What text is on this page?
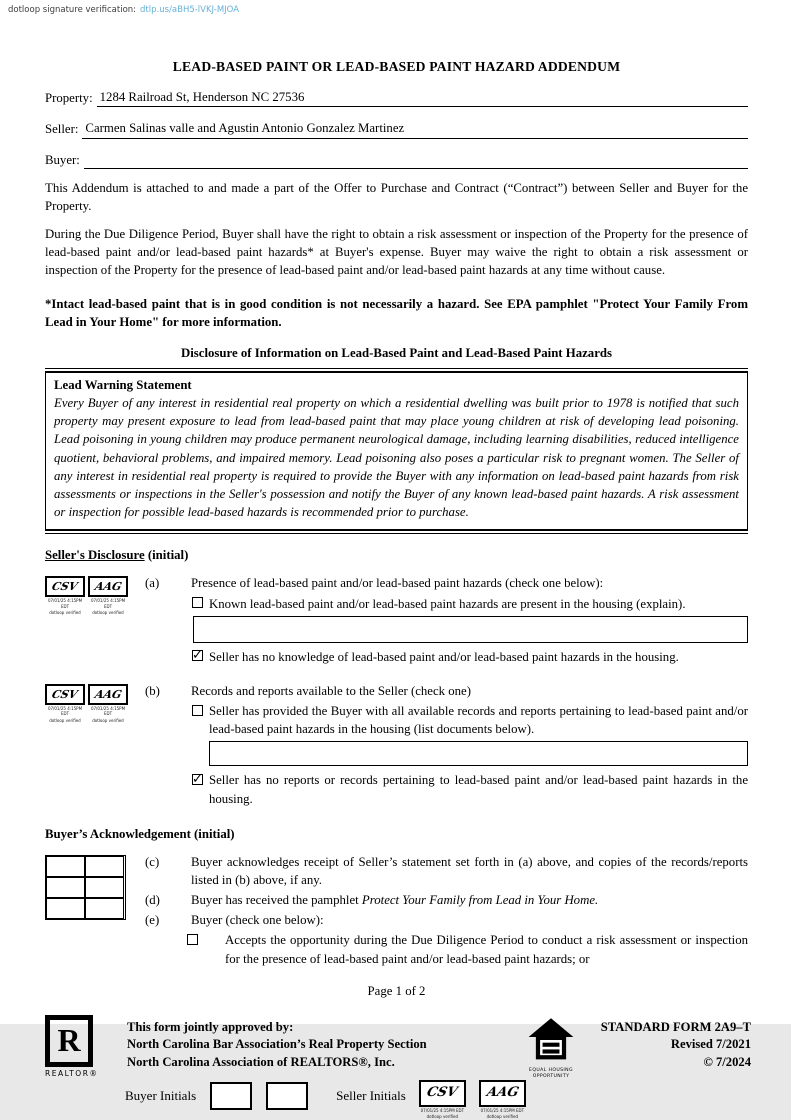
dotloop signature verification: dtlp.us/aBH5-lVKJ-MJOA
LEAD-BASED PAINT OR LEAD-BASED PAINT HAZARD ADDENDUM
Property: 1284 Railroad St, Henderson NC 27536
Seller: Carmen Salinas valle and Agustin Antonio Gonzalez Martinez
Buyer:

This Addendum is attached to and made a part of the Offer to Purchase and Contract (“Contract”) between Seller and Buyer for the Property.

During the Due Diligence Period, Buyer shall have the right to obtain a risk assessment or inspection of the Property for the presence of lead-based paint and/or lead-based paint hazards* at Buyer's expense. Buyer may waive the right to obtain a risk assessment or inspection of the Property for the presence of lead-based paint and/or lead-based paint hazards at any time without cause.

*Intact lead-based paint that is in good condition is not necessarily a hazard. See EPA pamphlet "Protect Your Family From Lead in Your Home" for more information.

Disclosure of Information on Lead-Based Paint and Lead-Based Paint Hazards
Lead Warning Statement
Every Buyer of any interest in residential real property on which a residential dwelling was built prior to 1978 is notified that such property may present exposure to lead from lead-based paint that may place young children at risk of developing lead poisoning. Lead poisoning in young children may produce permanent neurological damage, including learning disabilities, reduced intelligence quotient, behavioral problems, and impaired memory. Lead poisoning also poses a particular risk to pregnant women. The Seller of any interest in residential real property is required to provide the Buyer with any information on lead-based paint hazards from risk assessments or inspections in the Seller's possession and notify the Buyer of any known lead-based paint hazards. A risk assessment or inspection for possible lead-based hazards is recommended prior to purchase.
Seller's Disclosure (initial)
CSV
07/01/25 4:15PM EDT
dotloop verified
AAG
07/01/25 4:15PM EDT
dotloop verified
(a)	Presence of lead-based paint and/or lead-based paint hazards (check one below):
Known lead-based paint and/or lead-based paint hazards are present in the housing (explain).
✓
Seller has no knowledge of lead-based paint and/or lead-based paint hazards in the housing.
CSV
07/01/25 4:15PM EDT
dotloop verified
AAG
07/01/25 4:15PM EDT
dotloop verified
(b)	Records and reports available to the Seller (check one)
Seller has provided the Buyer with all available records and reports pertaining to lead-based paint and/or lead-based paint hazards in the housing (list documents below).
✓
Seller has no reports or records pertaining to lead-based paint and/or lead-based paint hazards in the housing.
Buyer’s Acknowledgement (initial)
(c)	Buyer acknowledges receipt of Seller’s statement set forth in (a) above, and copies of the records/reports listed in (b) above, if any.
(d)	Buyer has received the pamphlet Protect Your Family from Lead in Your Home.
(e)	Buyer (check one below):
Accepts the opportunity during the Due Diligence Period to conduct a risk assessment or inspection for the presence of lead-based paint and/or lead-based paint hazards; or
Page 1 of 2
R
REALTOR®
This form jointly approved by:
North Carolina Bar Association’s Real Property Section
North Carolina Association of REALTORS®, Inc.
EQUAL HOUSING
OPPORTUNITY
STANDARD FORM 2A9–T
Revised 7/2021
© 7/2024
Buyer Initials	Seller Initials CSV
07/01/25 4:15PM EDT
dotloop verified
AAG
07/01/25 4:15PM EDT
dotloop verified
